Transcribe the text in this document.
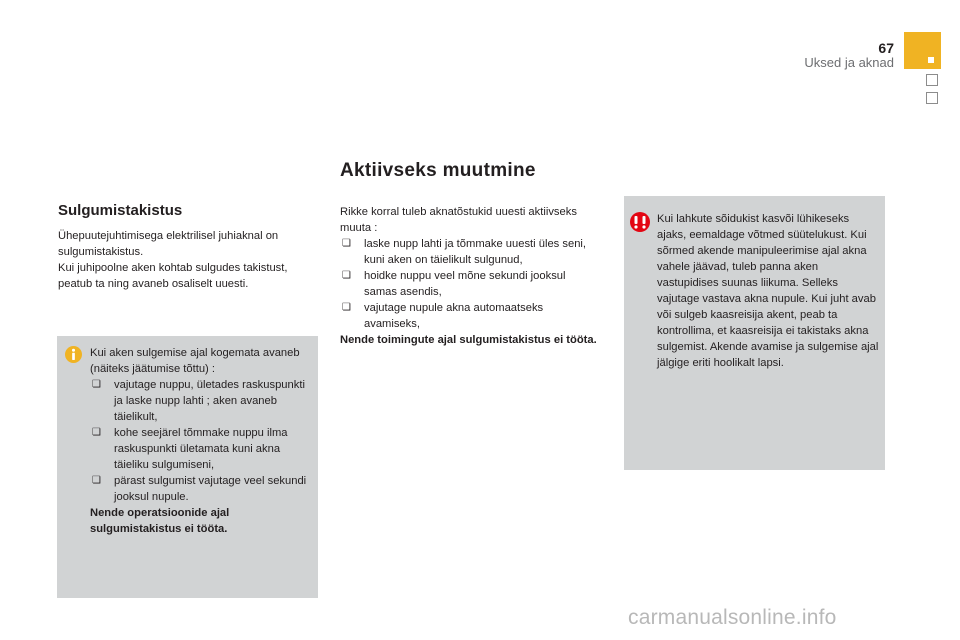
67
Uksed ja aknad
Aktiivseks muutmine
Sulgumistakistus

Ühepuutejuhtimisega elektrilisel juhiaknal on sulgumistakistus.

Kui juhipoolne aken kohtab sulgudes takistust, peatub ta ning avaneb osaliselt uuesti.

Kui aken sulgemise ajal kogemata avaneb (näiteks jäätumise tõttu) :

❏ vajutage nuppu, ületades raskuspunkti ja laske nupp lahti ; aken avaneb täielikult,
❏ kohe seejärel tõmmake nuppu ilma raskuspunkti ületamata kuni akna täieliku sulgumiseni,
❏ pärast sulgumist vajutage veel sekundi jooksul nupule.

Nende operatsioonide ajal sulgumistakistus ei tööta.

Rikke korral tuleb aknatõstukid uuesti aktiivseks muuta :

❏ laske nupp lahti ja tõmmake uuesti üles seni, kuni aken on täielikult sulgunud,
❏ hoidke nuppu veel mõne sekundi jooksul samas asendis,
❏ vajutage nupule akna automaatseks avamiseks,

Nende toimingute ajal sulgumistakistus ei tööta.

Kui lahkute sõidukist kasvõi lühikeseks ajaks, eemaldage võtmed süütelukust. Kui sõrmed akende manipuleerimise ajal akna vahele jäävad, tuleb panna aken vastupidises suunas liikuma. Selleks vajutage vastava akna nupule. Kui juht avab või sulgeb kaasreisija akent, peab ta kontrollima, et kaasreisija ei takistaks akna sulgemist. Akende avamise ja sulgemise ajal jälgige eriti hoolikalt lapsi.

carmanualsonline.info
